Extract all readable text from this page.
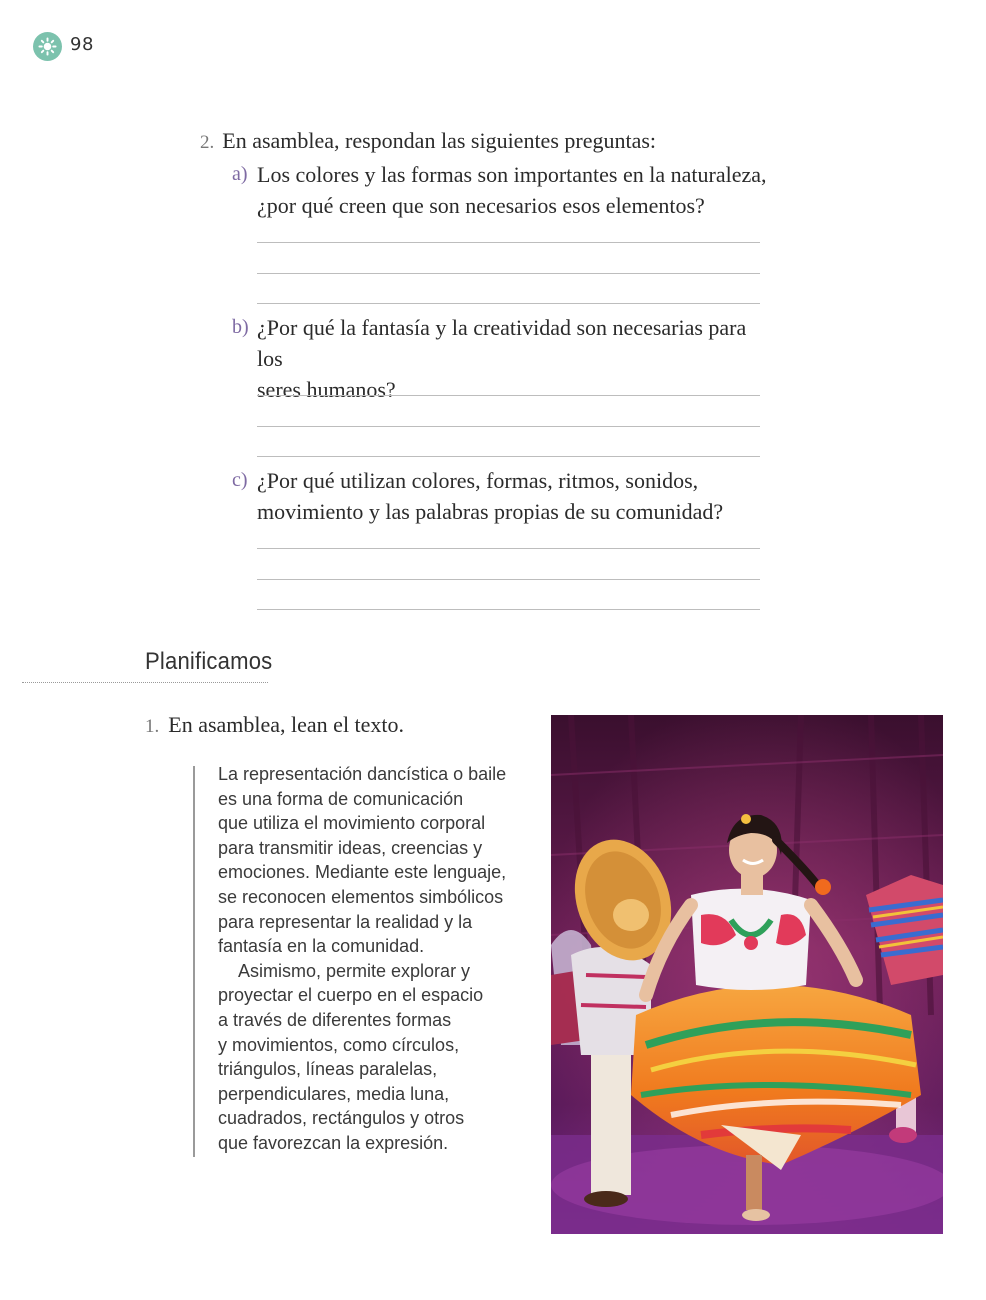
98
2. En asamblea, respondan las siguientes preguntas:
a) Los colores y las formas son importantes en la naturaleza,
¿por qué creen que son necesarios esos elementos?
b) ¿Por qué la fantasía y la creatividad son necesarias para los
seres humanos?
c) ¿Por qué utilizan colores, formas, ritmos, sonidos,
movimiento y las palabras propias de su comunidad?
Planificamos
1. En asamblea, lean el texto.

La representación dancística o baile
es una forma de comunicación
que utiliza el movimiento corporal
para transmitir ideas, creencias y
emociones. Mediante este lenguaje,
se reconocen elementos simbólicos
para representar la realidad y la
fantasía en la comunidad.

Asimismo, permite explorar y
proyectar el cuerpo en el espacio
a través de diferentes formas
y movimientos, como círculos,
triángulos, líneas paralelas,
perpendiculares, media luna,
cuadrados, rectángulos y otros
que favorezcan la expresión.
